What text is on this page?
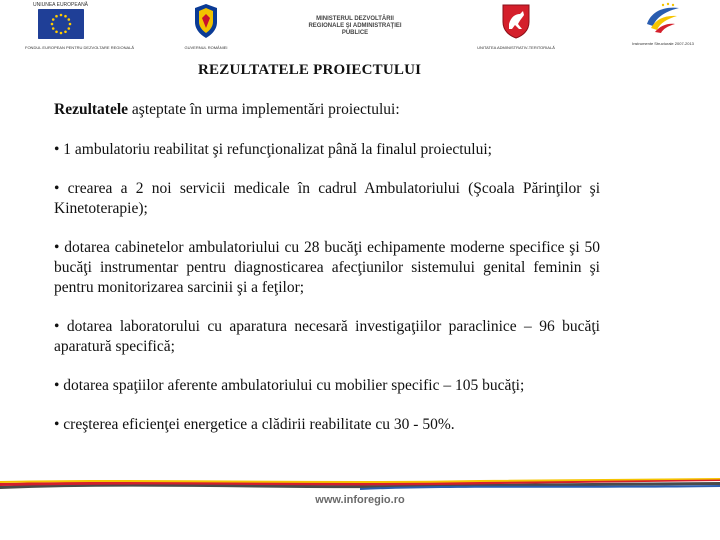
UNIUNEA EUROPEANĂ
FONDUL EUROPEAN PENTRU DEZVOLTARE REGIONALĂ	GUVERNUL ROMÂNIEI
MINISTERUL DEZVOLTĂRII REGIONALE ŞI ADMINISTRAŢIEI PUBLICE
UNITATEA ADMINISTRATIV-TERITORIALĂ
Instrumente Structurale 2007-2013
REZULTATELE PROIECTULUI

Rezultatele aşteptate în urma implementări proiectului:

• 1 ambulatoriu reabilitat şi refuncţionalizat până la finalul proiectului;

• crearea a 2 noi servicii medicale în cadrul Ambulatoriului (Şcoala Părinţilor şi Kinetoterapie);

• dotarea cabinetelor ambulatoriului cu 28 bucăţi echipamente moderne specifice şi 50 bucăţi instrumentar pentru diagnosticarea afecţiunilor sistemului genital feminin şi pentru monitorizarea sarcinii şi a feţilor;

• dotarea laboratorului cu aparatura necesară investigaţiilor paraclinice – 96 bucăţi aparatură specifică;

• dotarea spaţiilor aferente ambulatoriului cu mobilier specific – 105 bucăţi;

• creşterea eficienţei energetice a clădirii reabilitate cu 30 - 50%.

www.inforegio.ro
